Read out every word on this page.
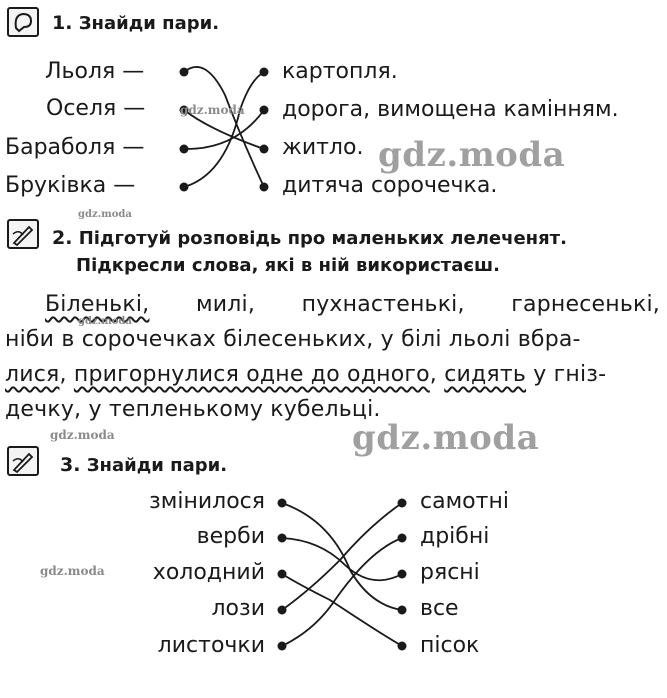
1. Знайди пари.
Льоля —
Оселя —
Бараболя —
Бруківка —
картопля.
дорога, вимощена камінням.
житло.
дитяча сорочечка.
2. Підготуй розповідь про маленьких лелеченят.
Підкресли слова, які в ній використаєш.
Біленькі, милі, пухнастенькі, гарнесенькі,
ніби в сорочечках білесеньких, у білі льолі вбра-
лися, пригорнулися одне до одного, сидять у гніз-
дечку, у тепленькому кубельці.
3. Знайди пари.
змінилося
верби
холодний
лози
листочки
самотні
дрібні
рясні
все
пісок
gdz.moda
gdz.moda
gdz.moda
gdz.moda
gdz.moda
gdz.moda
gdz.moda
